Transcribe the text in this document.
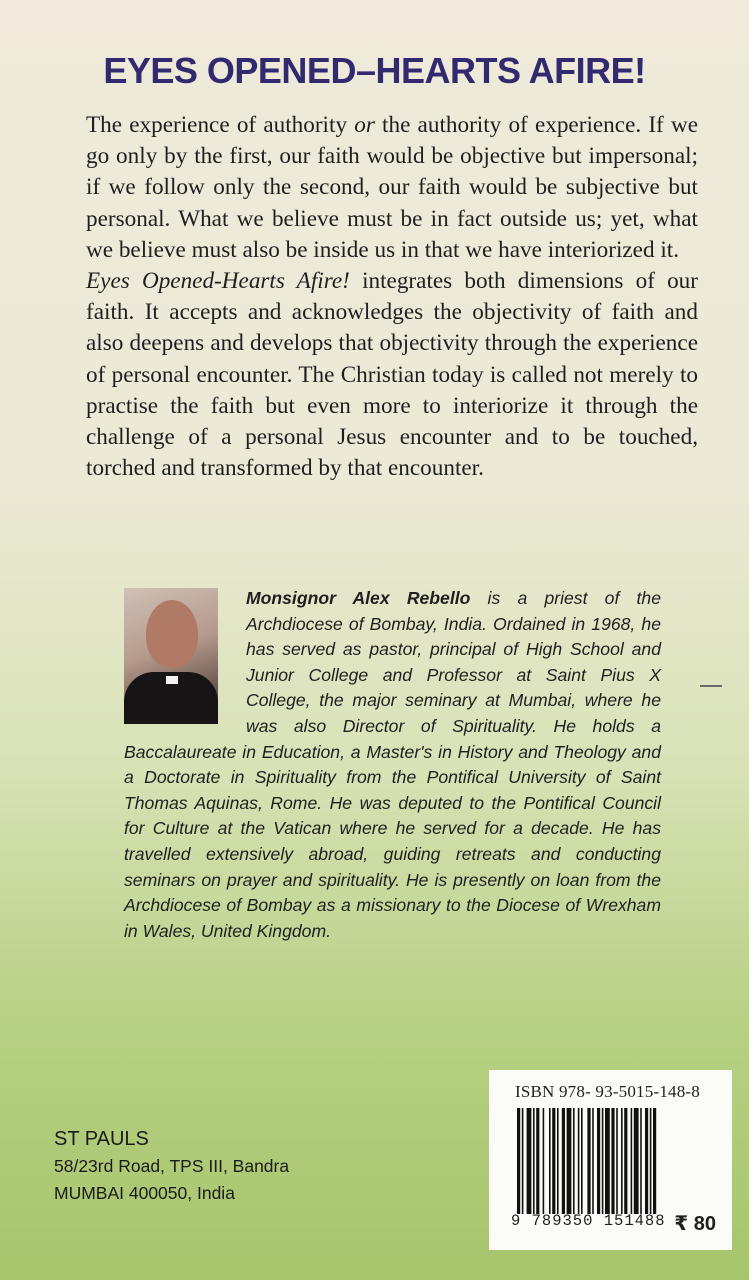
EYES OPENED–HEARTS AFIRE!

The experience of authority or the authority of experience. If we go only by the first, our faith would be objective but impersonal; if we follow only the second, our faith would be subjective but personal. What we believe must be in fact outside us; yet, what we believe must also be inside us in that we have interiorized it.

Eyes Opened-Hearts Afire! integrates both dimensions of our faith. It accepts and acknowledges the objectivity of faith and also deepens and develops that objectivity through the experience of personal encounter. The Christian today is called not merely to practise the faith but even more to interiorize it through the challenge of a personal Jesus encounter and to be touched, torched and transformed by that encounter.

Monsignor Alex Rebello is a priest of the Archdiocese of Bombay, India. Ordained in 1968, he has served as pastor, principal of High School and Junior College and Professor at Saint Pius X College, the major seminary at Mumbai, where he was also Director of Spirituality. He holds a Baccalaureate in Education, a Master's in History and Theology and a Doctorate in Spirituality from the Pontifical University of Saint Thomas Aquinas, Rome. He was deputed to the Pontifical Council for Culture at the Vatican where he served for a decade. He has travelled extensively abroad, guiding retreats and conducting seminars on prayer and spirituality. He is presently on loan from the Archdiocese of Bombay as a missionary to the Diocese of Wrexham in Wales, United Kingdom.
ST PAULS
58/23rd Road, TPS III, Bandra
MUMBAI 400050, India
ISBN 978- 93-5015-148-8
9 789350 151488 ₹ 80
